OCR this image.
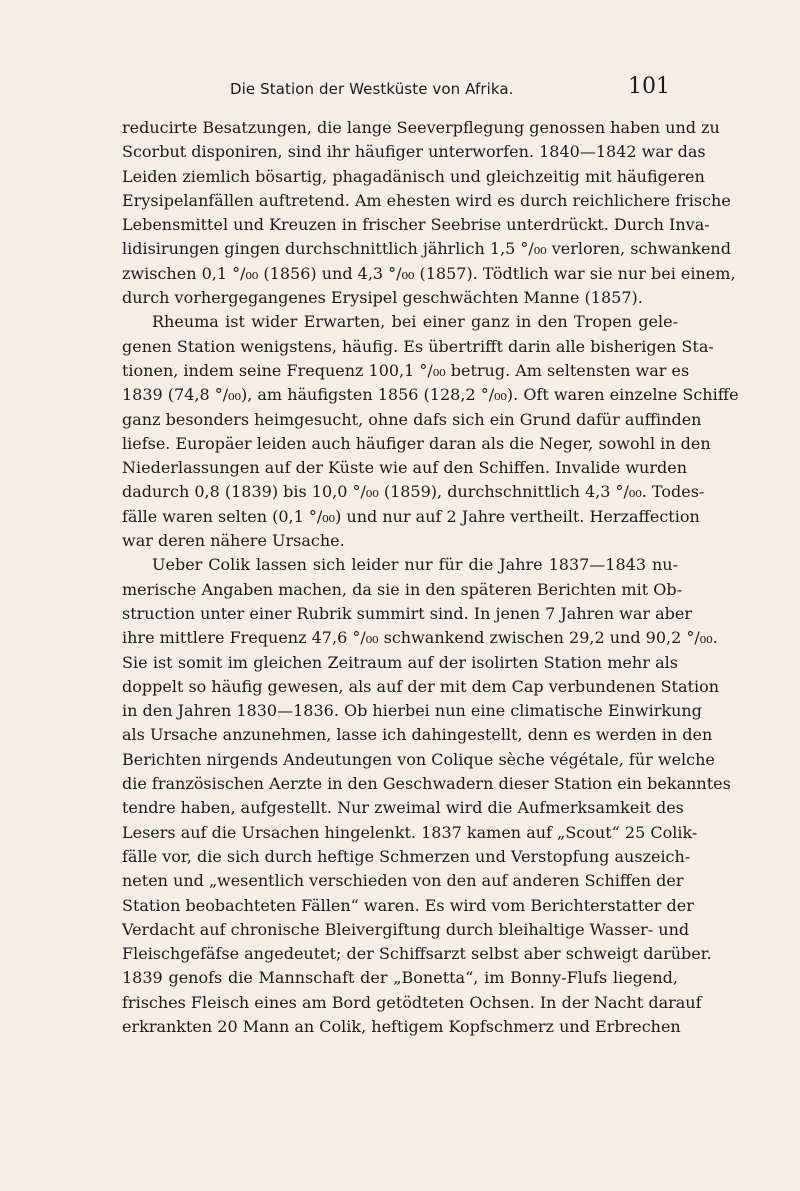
Die Station der Westküste von Afrika.	101
reducirte Besatzungen, die lange Seeverpflegung genossen haben und zu
Scorbut disponiren, sind ihr häufiger unterworfen. 1840—1842 war das
Leiden ziemlich bösartig, phagadänisch und gleichzeitig mit häufigeren
Erysipelanfällen auftretend. Am ehesten wird es durch reichlichere frische
Lebensmittel und Kreuzen in frischer Seebrise unterdrückt. Durch Inva-
lidisirungen gingen durchschnittlich jährlich 1,5 °/₀₀ verloren, schwankend
zwischen 0,1 °/₀₀ (1856) und 4,3 °/₀₀ (1857). Tödtlich war sie nur bei einem,
durch vorhergegangenes Erysipel geschwächten Manne (1857).
Rheuma ist wider Erwarten, bei einer ganz in den Tropen gele-
genen Station wenigstens, häufig. Es übertrifft darin alle bisherigen Sta-
tionen, indem seine Frequenz 100,1 °/₀₀ betrug. Am seltensten war es
1839 (74,8 °/₀₀), am häufigsten 1856 (128,2 °/₀₀). Oft waren einzelne Schiffe
ganz besonders heimgesucht, ohne dafs sich ein Grund dafür auffinden
liefse. Europäer leiden auch häufiger daran als die Neger, sowohl in den
Niederlassungen auf der Küste wie auf den Schiffen. Invalide wurden
dadurch 0,8 (1839) bis 10,0 °/₀₀ (1859), durchschnittlich 4,3 °/₀₀. Todes-
fälle waren selten (0,1 °/₀₀) und nur auf 2 Jahre vertheilt. Herzaffection
war deren nähere Ursache.
Ueber Colik lassen sich leider nur für die Jahre 1837—1843 nu-
merische Angaben machen, da sie in den späteren Berichten mit Ob-
struction unter einer Rubrik summirt sind. In jenen 7 Jahren war aber
ihre mittlere Frequenz 47,6 °/₀₀ schwankend zwischen 29,2 und 90,2 °/₀₀.
Sie ist somit im gleichen Zeitraum auf der isolirten Station mehr als
doppelt so häufig gewesen, als auf der mit dem Cap verbundenen Station
in den Jahren 1830—1836. Ob hierbei nun eine climatische Einwirkung
als Ursache anzunehmen, lasse ich dahingestellt, denn es werden in den
Berichten nirgends Andeutungen von Colique sèche végétale, für welche
die französischen Aerzte in den Geschwadern dieser Station ein bekanntes
tendre haben, aufgestellt. Nur zweimal wird die Aufmerksamkeit des
Lesers auf die Ursachen hingelenkt. 1837 kamen auf „Scout“ 25 Colik-
fälle vor, die sich durch heftige Schmerzen und Verstopfung auszeich-
neten und „wesentlich verschieden von den auf anderen Schiffen der
Station beobachteten Fällen“ waren. Es wird vom Berichterstatter der
Verdacht auf chronische Bleivergiftung durch bleihaltige Wasser- und
Fleischgefäfse angedeutet; der Schiffsarzt selbst aber schweigt darüber.
1839 genofs die Mannschaft der „Bonetta“, im Bonny-Flufs liegend,
frisches Fleisch eines am Bord getödteten Ochsen. In der Nacht darauf
erkrankten 20 Mann an Colik, heftigem Kopfschmerz und Erbrechen
